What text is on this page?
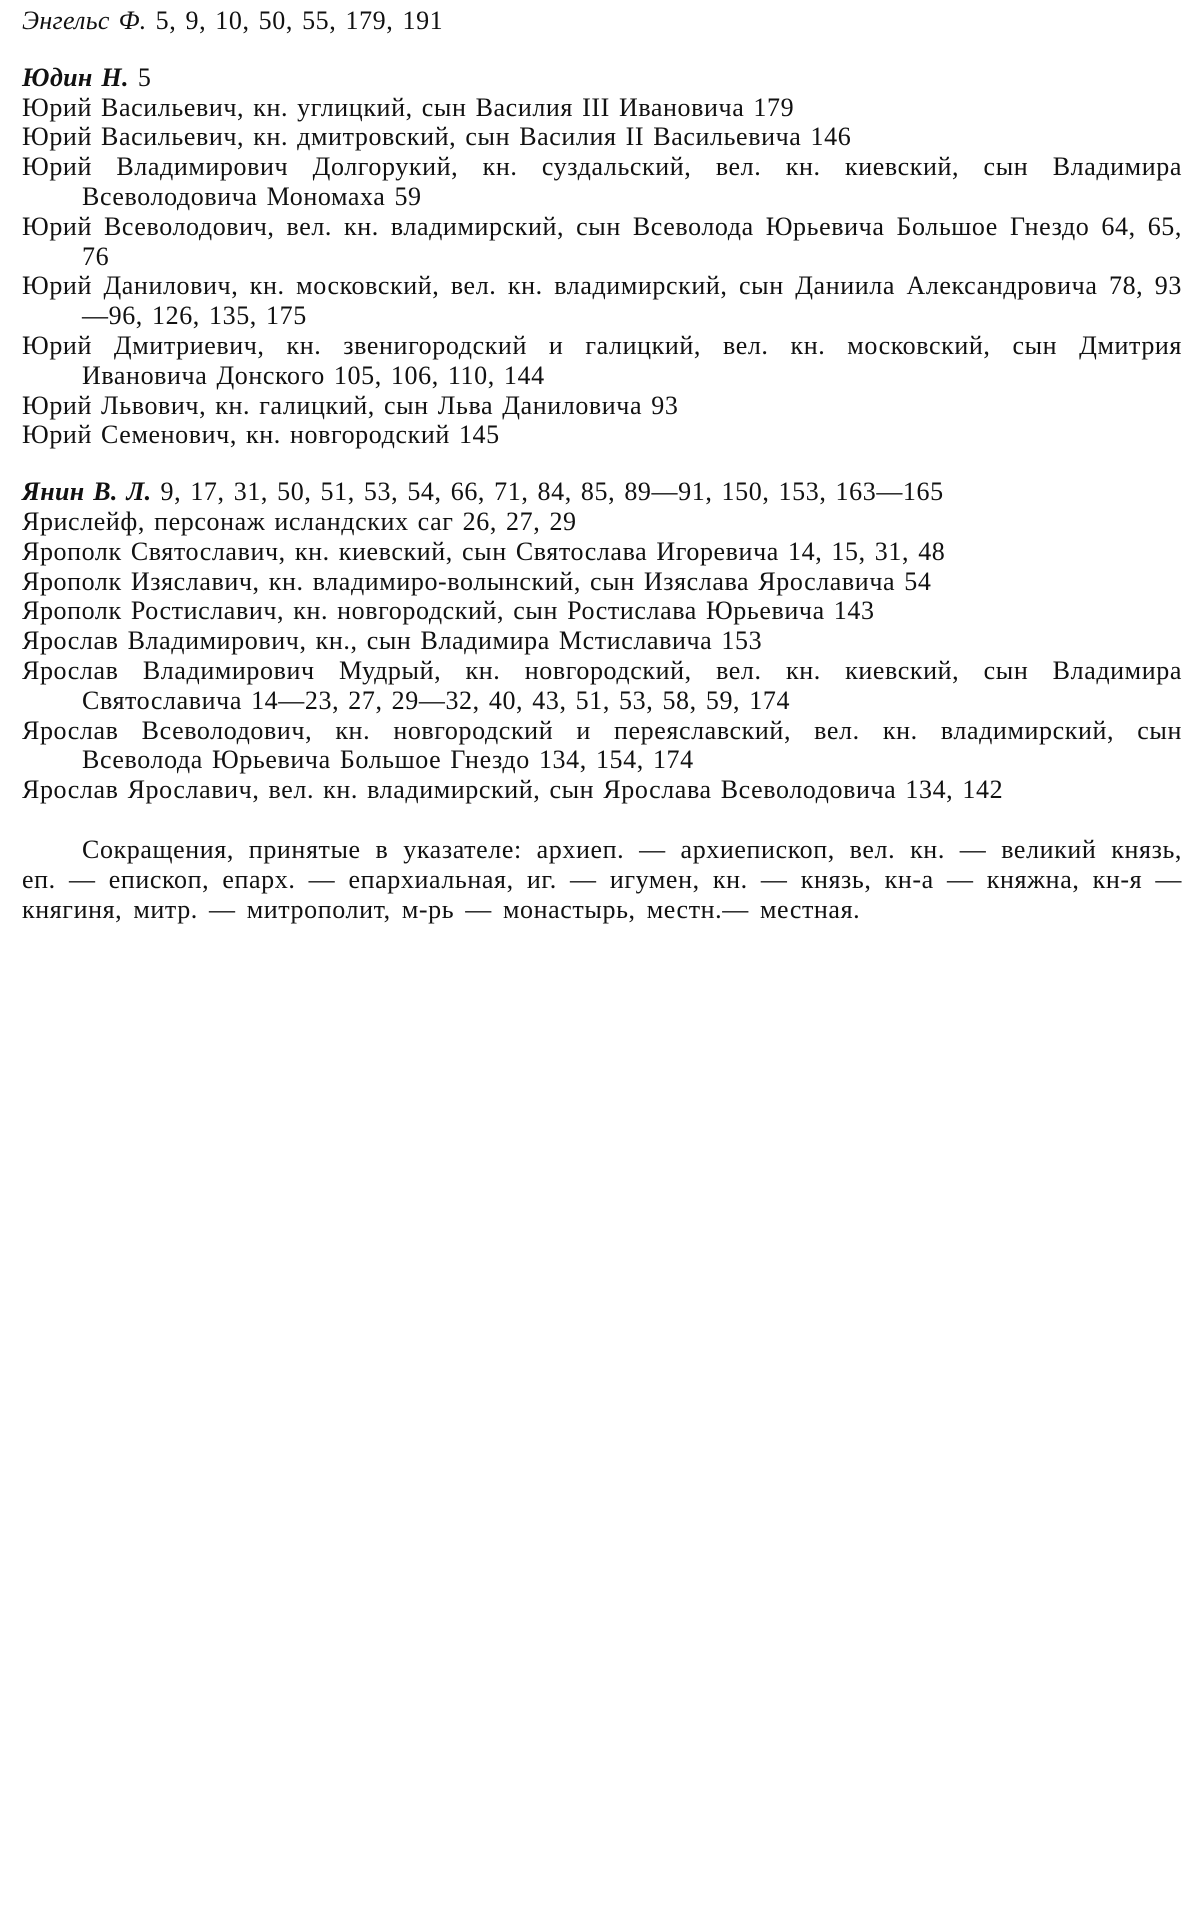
Энгельс Ф. 5, 9, 10, 50, 55, 179, 191
Юдин Н. 5
Юрий Васильевич, кн. углицкий, сын Василия III Ивановича 179
Юрий Васильевич, кн. дмитровский, сын Василия II Васильевича 146
Юрий Владимирович Долгорукий, кн. суздальский, вел. кн. киевский, сын Владимира Всеволодовича Мономаха 59
Юрий Всеволодович, вел. кн. владимирский, сын Всеволода Юрьевича Большое Гнездо 64, 65, 76
Юрий Данилович, кн. московский, вел. кн. владимирский, сын Даниила Александровича 78, 93—96, 126, 135, 175
Юрий Дмитриевич, кн. звенигородский и галицкий, вел. кн. московский, сын Дмитрия Ивановича Донского 105, 106, 110, 144
Юрий Львович, кн. галицкий, сын Льва Даниловича 93
Юрий Семенович, кн. новгородский 145
Янин В. Л. 9, 17, 31, 50, 51, 53, 54, 66, 71, 84, 85, 89—91, 150, 153, 163—165
Ярислейф, персонаж исландских саг 26, 27, 29
Ярополк Святославич, кн. киевский, сын Святослава Игоревича 14, 15, 31, 48
Ярополк Изяславич, кн. владимиро-волынский, сын Изяслава Ярославича 54
Ярополк Ростиславич, кн. новгородский, сын Ростислава Юрьевича 143
Ярослав Владимирович, кн., сын Владимира Мстиславича 153
Ярослав Владимирович Мудрый, кн. новгородский, вел. кн. киевский, сын Владимира Святославича 14—23, 27, 29—32, 40, 43, 51, 53, 58, 59, 174
Ярослав Всеволодович, кн. новгородский и переяславский, вел. кн. владимирский, сын Всеволода Юрьевича Большое Гнездо 134, 154, 174
Ярослав Ярославич, вел. кн. владимирский, сын Ярослава Всеволодовича 134, 142

Сокращения, принятые в указателе: архиеп. — архиепископ, вел. кн. — великий князь, еп. — епископ, епарх. — епархиальная, иг. — игумен, кн. — князь, кн-а — княжна, кн-я — княгиня, митр. — митрополит, м-рь — монастырь, местн.— местная.
